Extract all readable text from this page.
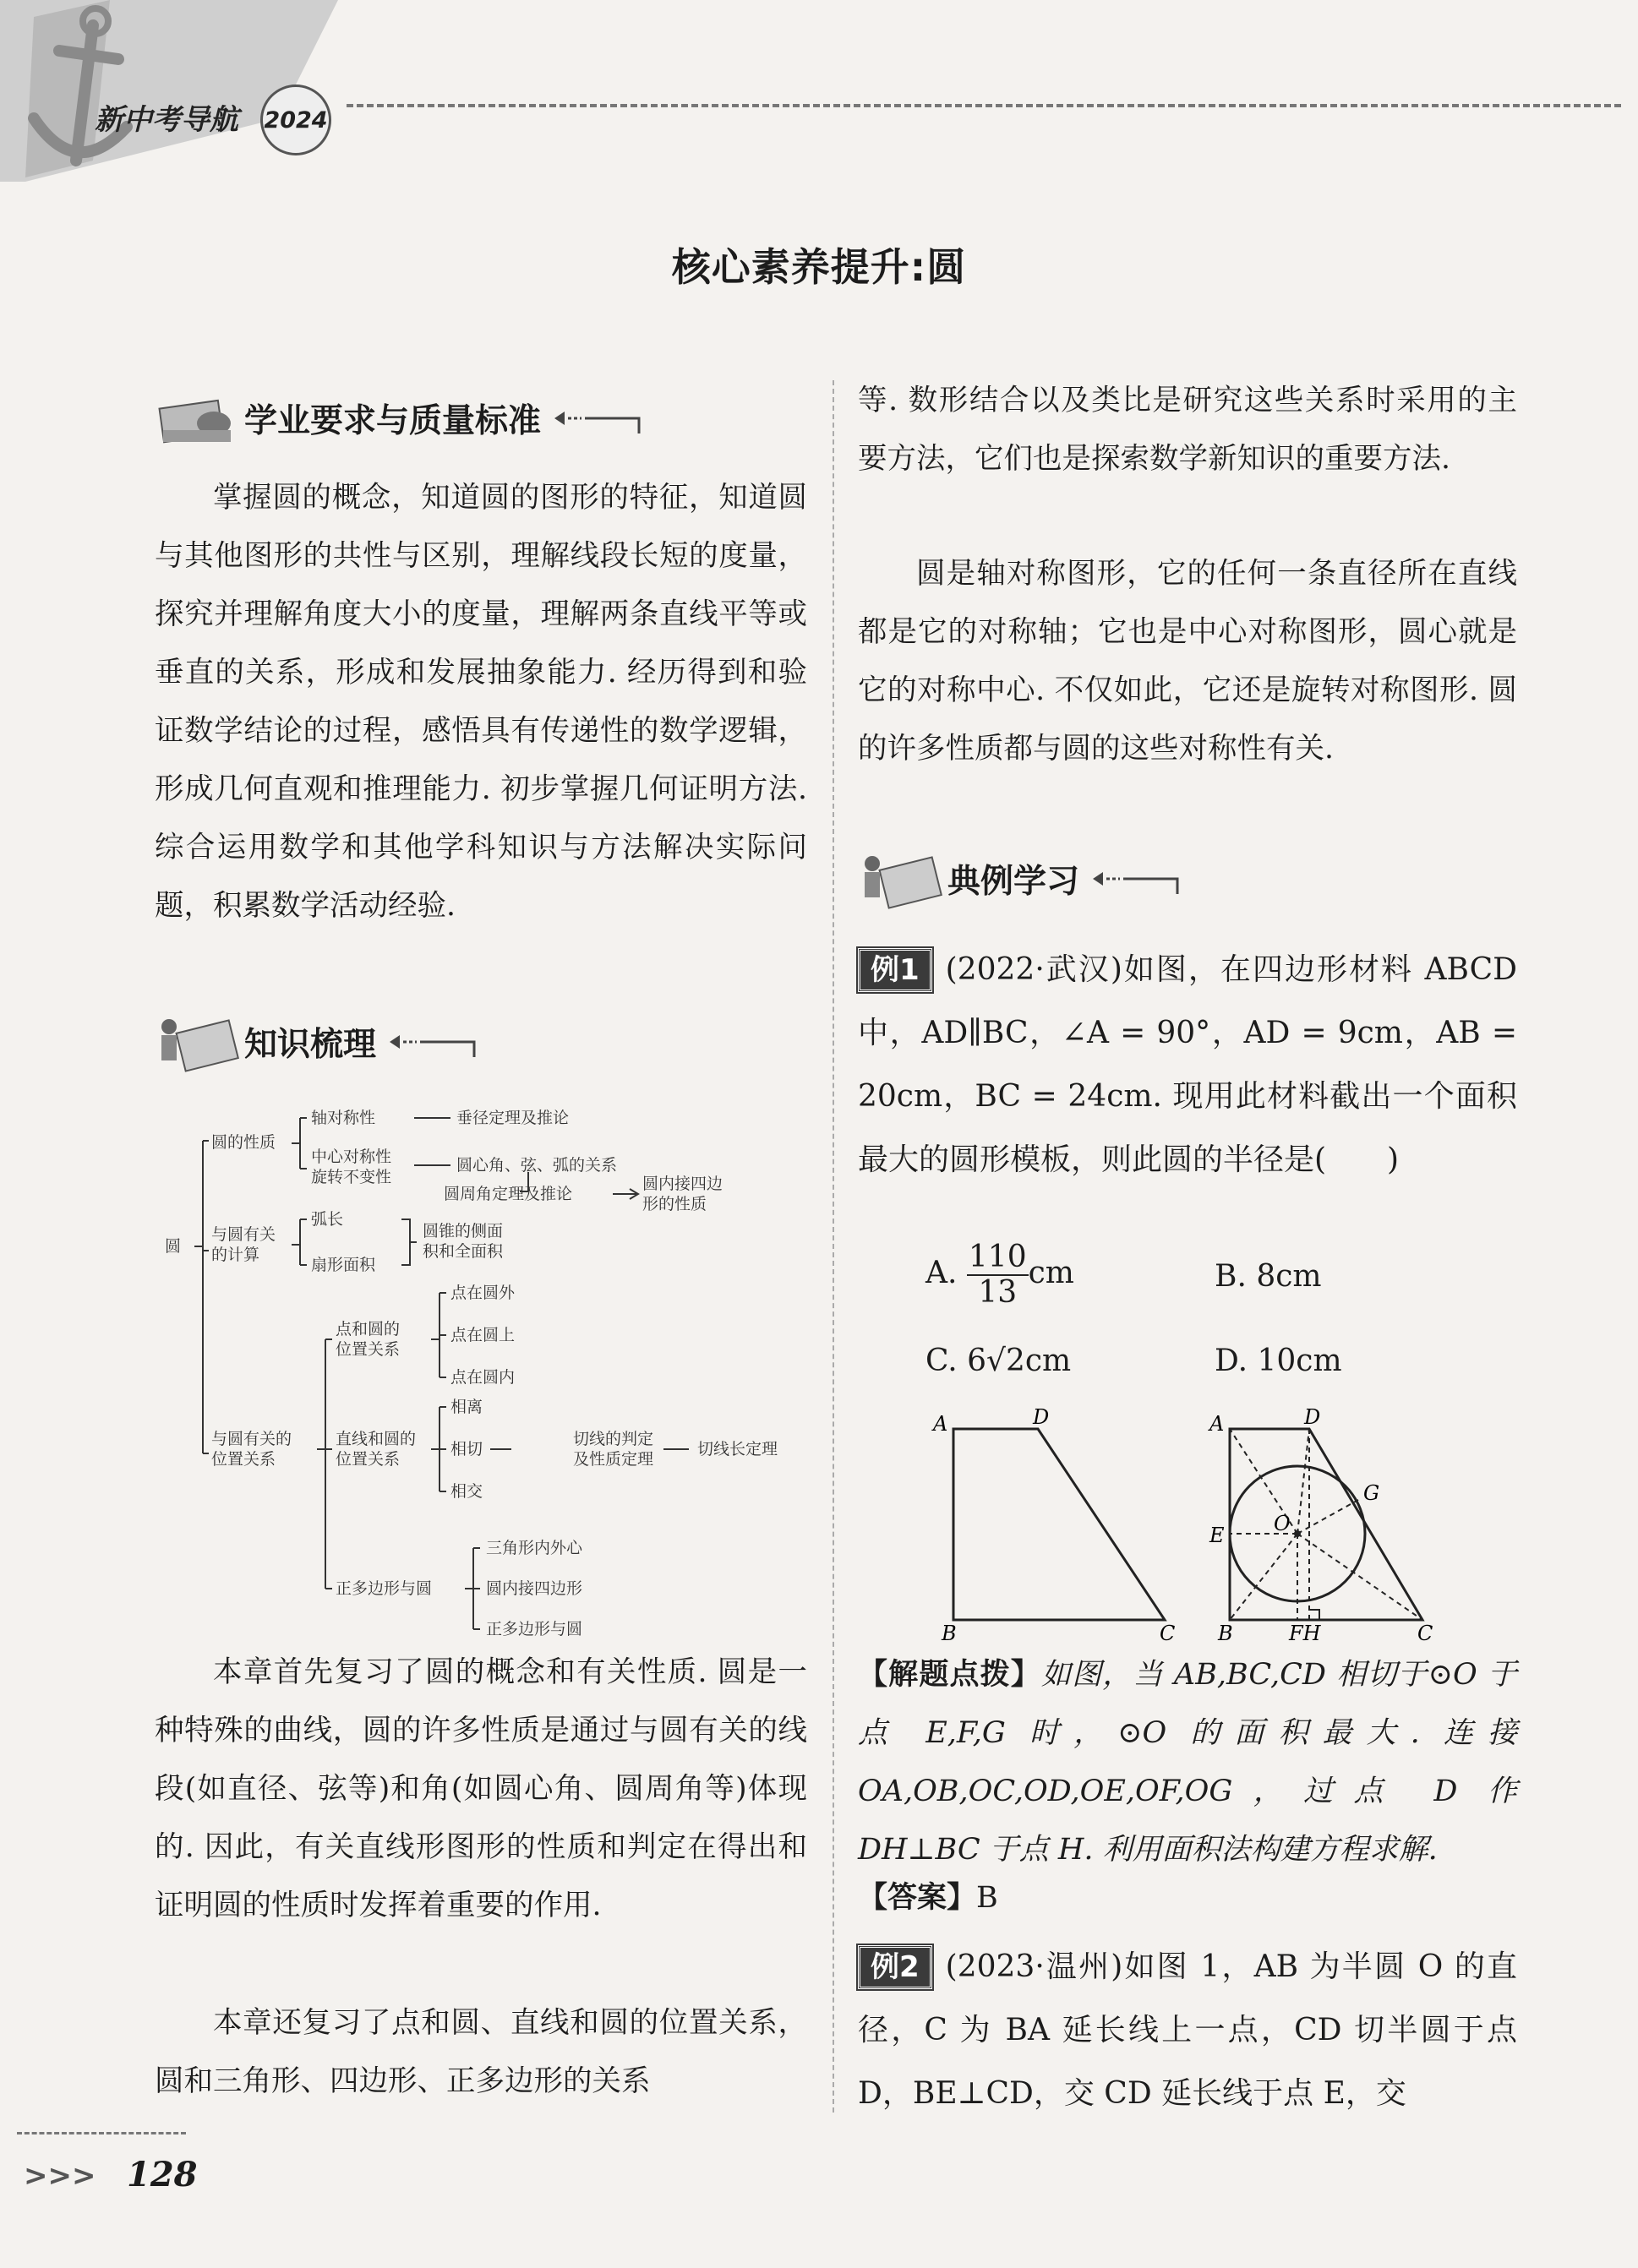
新中考导航 2024
核心素养提升:圆
学业要求与质量标准
掌握圆的概念，知道圆的图形的特征，知道圆与其他图形的共性与区别，理解线段长短的度量，探究并理解角度大小的度量，理解两条直线平等或垂直的关系，形成和发展抽象能力. 经历得到和验证数学结论的过程，感悟具有传递性的数学逻辑，形成几何直观和推理能力. 初步掌握几何证明方法. 综合运用数学和其他学科知识与方法解决实际问题，积累数学活动经验.
知识梳理
圆
圆的性质
轴对称性	垂径定理及推论
中心对称性
旋转不变性
圆心角、弦、弧的关系
圆周角定理及推论
圆内接四边
形的性质
与圆有关
的计算
弧长
扇形面积
圆锥的侧面
积和全面积
与圆有关的
位置关系
点和圆的
位置关系
点在圆外
点在圆上
点在圆内
直线和圆的
位置关系
相离
相切
相交
切线的判定
及性质定理
切线长定理
正多边形与圆
三角形内外心
圆内接四边形
正多边形与圆
本章首先复习了圆的概念和有关性质. 圆是一种特殊的曲线，圆的许多性质是通过与圆有关的线段(如直径、弦等)和角(如圆心角、圆周角等)体现的. 因此，有关直线形图形的性质和判定在得出和证明圆的性质时发挥着重要的作用.
本章还复习了点和圆、直线和圆的位置关系，圆和三角形、四边形、正多边形的关系
等. 数形结合以及类比是研究这些关系时采用的主要方法，它们也是探索数学新知识的重要方法.
圆是轴对称图形，它的任何一条直径所在直线都是它的对称轴；它也是中心对称图形，圆心就是它的对称中心. 不仅如此，它还是旋转对称图形. 圆的许多性质都与圆的这些对称性有关.
典例学习
例1 (2022·武汉)如图，在四边形材料 ABCD 中，AD∥BC，∠A = 90°，AD = 9cm，AB = 20cm，BC = 24cm. 现用此材料截出一个面积最大的圆形模板，则此圆的半径是(　　)
A. $\frac{110}{13}$ cm	B. 8cm
C. 6√2cm	D. 10cm
A	D
B	C
A	D
G
O
E
B	FH	C
【解题点拨】如图，当 AB,BC,CD 相切于⊙O 于点 E,F,G 时，⊙O 的面积最大. 连接 OA,OB,OC,OD,OE,OF,OG，过点 D 作 DH⊥BC 于点 H. 利用面积法构建方程求解.
【答案】B
例2 (2023·温州)如图 1，AB 为半圆 O 的直径，C 为 BA 延长线上一点，CD 切半圆于点 D，BE⊥CD，交 CD 延长线于点 E，交
>>> 128
